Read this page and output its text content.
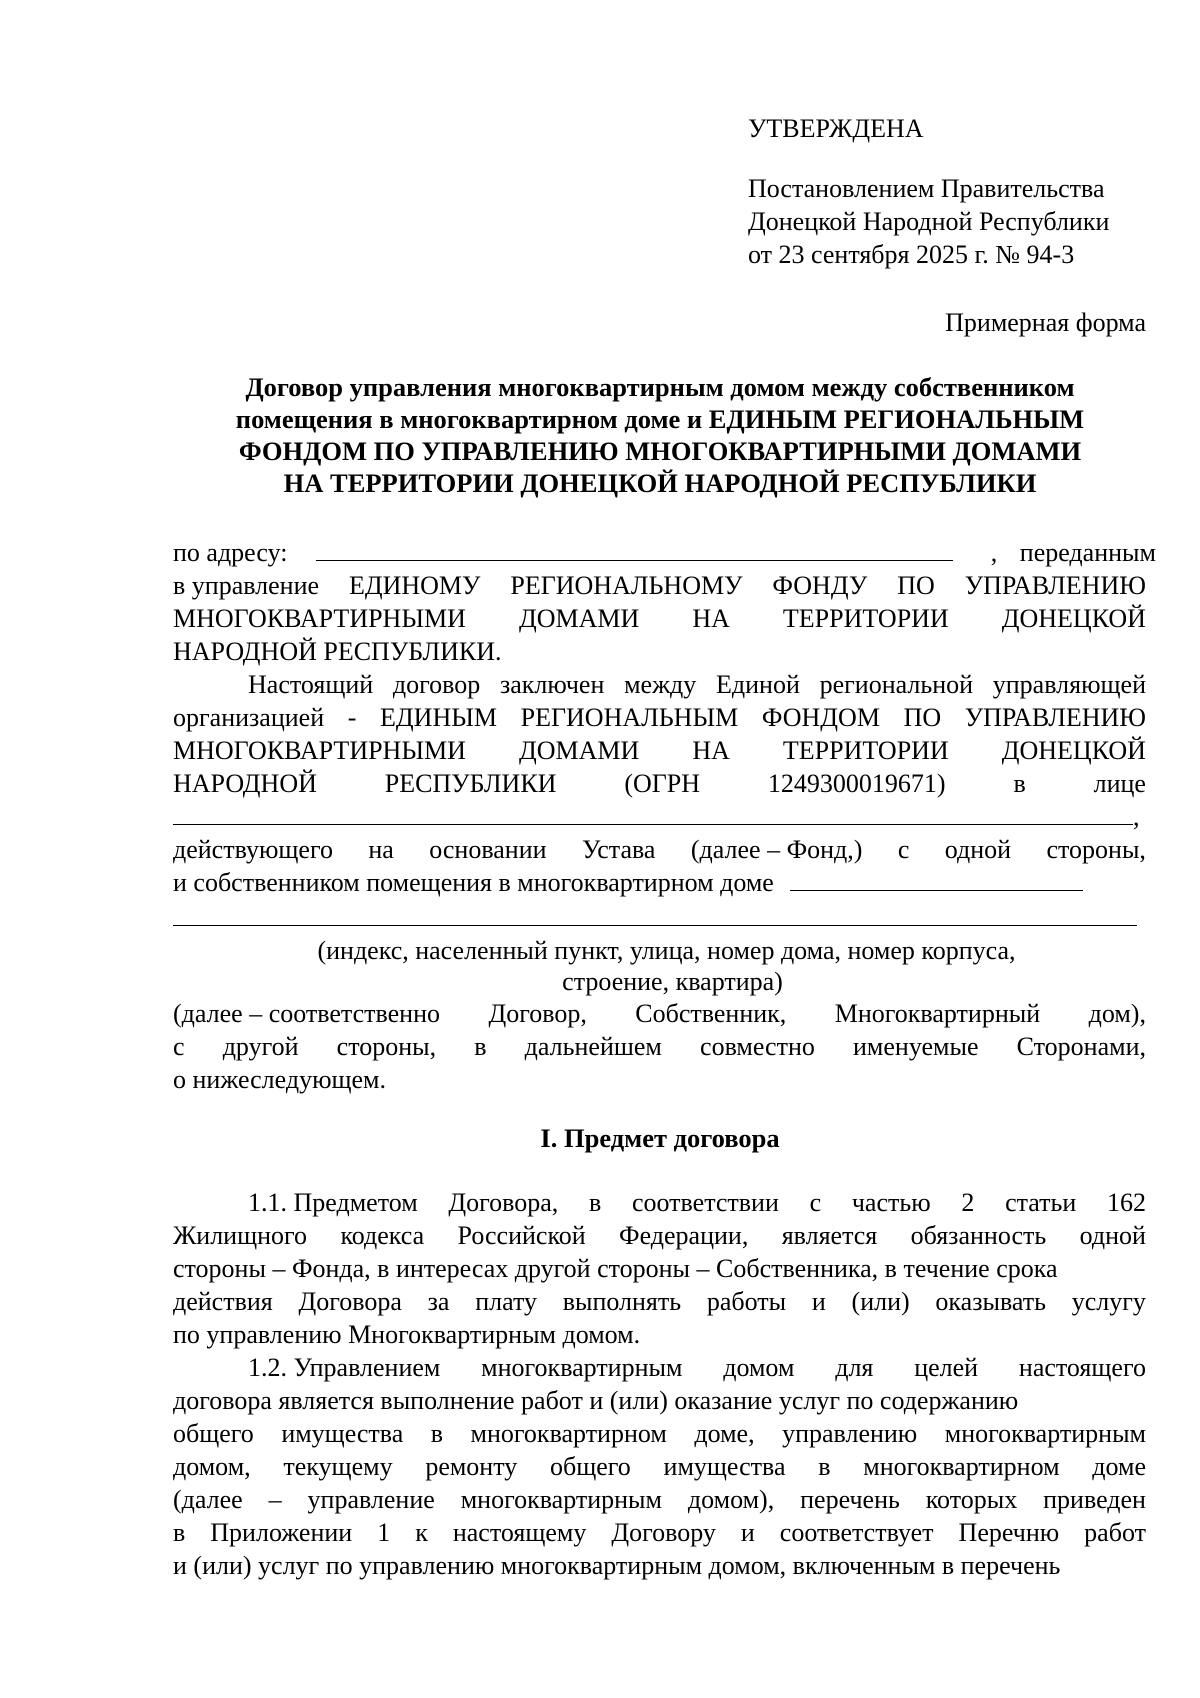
УТВЕРЖДЕНА
Постановлением Правительства
Донецкой Народной Республики
от 23 сентября 2025 г. № 94-3
Примерная форма
Договор управления многоквартирным домом между собственником
помещения в многоквартирном доме и ЕДИНЫМ РЕГИОНАЛЬНЫМ
ФОНДОМ ПО УПРАВЛЕНИЮ МНОГОКВАРТИРНЫМИ ДОМАМИ
НА ТЕРРИТОРИИ ДОНЕЦКОЙ НАРОДНОЙ РЕСПУБЛИКИ
по адресу:	, переданным
в управление ЕДИНОМУ РЕГИОНАЛЬНОМУ ФОНДУ ПО УПРАВЛЕНИЮ
МНОГОКВАРТИРНЫМИ ДОМАМИ НА ТЕРРИТОРИИ ДОНЕЦКОЙ
НАРОДНОЙ РЕСПУБЛИКИ.
Настоящий договор заключен между Единой региональной управляющей
организацией - ЕДИНЫМ РЕГИОНАЛЬНЫМ ФОНДОМ ПО УПРАВЛЕНИЮ
МНОГОКВАРТИРНЫМИ ДОМАМИ НА ТЕРРИТОРИИ ДОНЕЦКОЙ
НАРОДНОЙ	РЕСПУБЛИКИ	(ОГРН	1249300019671)	в	лице
,
действующего на основании Устава (далее – Фонд,) с одной стороны,
и собственником помещения в многоквартирном доме
(индекс, населенный пункт, улица, номер дома, номер корпуса,
строение, квартира)
(далее – соответственно Договор, Собственник, Многоквартирный дом),
с другой стороны, в дальнейшем совместно именуемые Сторонами,
о нижеследующем.
I. Предмет договора
1.1. Предметом Договора, в соответствии с частью 2 статьи 162
Жилищного кодекса Российской Федерации, является обязанность одной
стороны – Фонда, в интересах другой стороны – Собственника, в течение срока
действия Договора за плату выполнять работы и (или) оказывать услугу
по управлению Многоквартирным домом.
1.2. Управлением многоквартирным домом для целей настоящего
договора является выполнение работ и (или) оказание услуг по содержанию
общего имущества в многоквартирном доме, управлению многоквартирным
домом, текущему ремонту общего имущества в многоквартирном доме
(далее – управление многоквартирным домом), перечень которых приведен
в Приложении 1 к настоящему Договору и соответствует Перечню работ
и (или) услуг по управлению многоквартирным домом, включенным в перечень
